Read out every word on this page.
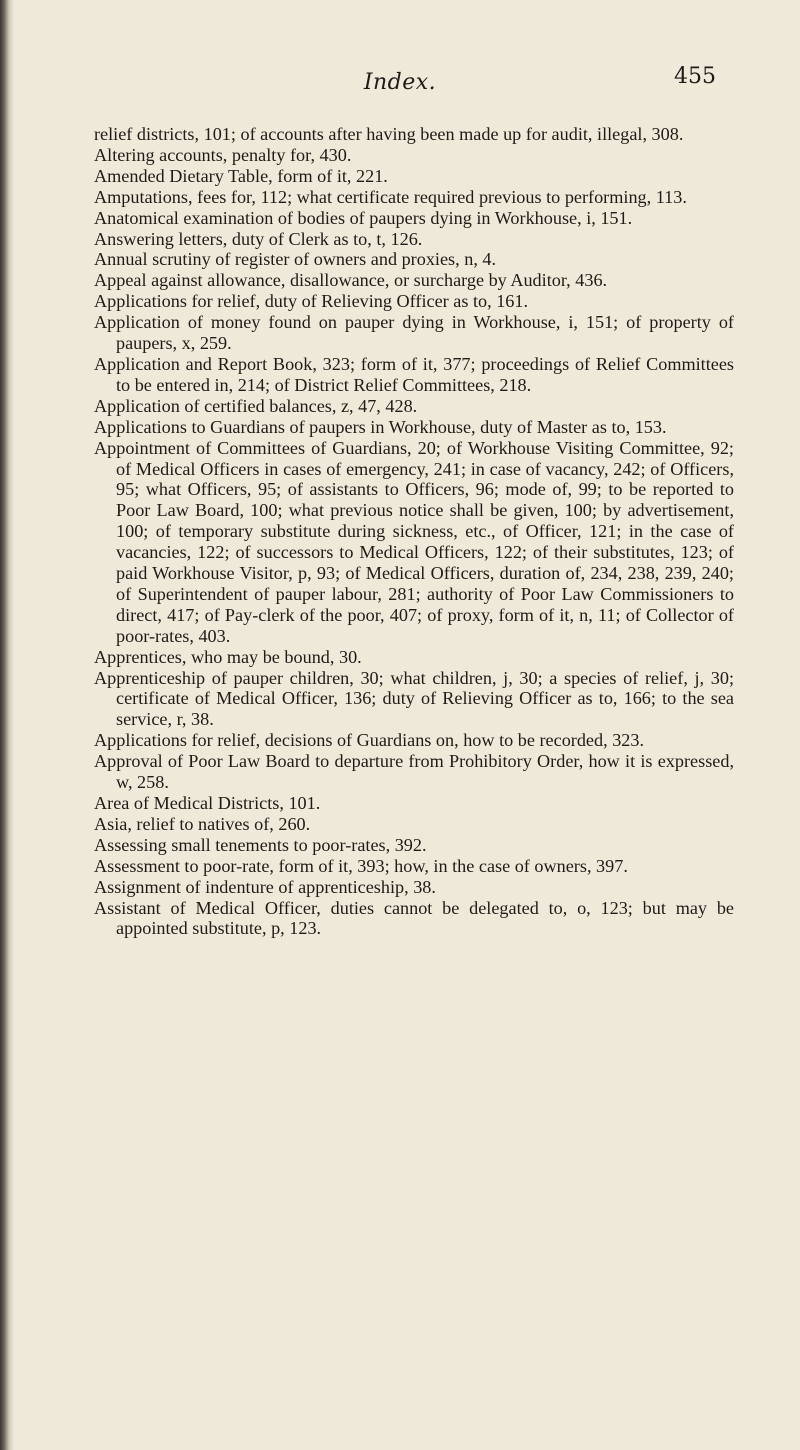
Index.	455

relief districts, 101; of accounts after having been made up for audit, illegal, 308.

Altering accounts, penalty for, 430.

Amended Dietary Table, form of it, 221.

Amputations, fees for, 112; what certificate required previous to performing, 113.

Anatomical examination of bodies of paupers dying in Workhouse, i, 151.

Answering letters, duty of Clerk as to, t, 126.

Annual scrutiny of register of owners and proxies, n, 4.

Appeal against allowance, disallowance, or surcharge by Auditor, 436.

Applications for relief, duty of Relieving Officer as to, 161.

Application of money found on pauper dying in Workhouse, i, 151; of property of paupers, x, 259.

Application and Report Book, 323; form of it, 377; proceedings of Relief Committees to be entered in, 214; of District Relief Committees, 218.

Application of certified balances, z, 47, 428.

Applications to Guardians of paupers in Workhouse, duty of Master as to, 153.

Appointment of Committees of Guardians, 20; of Workhouse Visiting Committee, 92; of Medical Officers in cases of emergency, 241; in case of vacancy, 242; of Officers, 95; what Officers, 95; of assistants to Officers, 96; mode of, 99; to be reported to Poor Law Board, 100; what previous notice shall be given, 100; by advertisement, 100; of temporary substitute during sickness, etc., of Officer, 121; in the case of vacancies, 122; of successors to Medical Officers, 122; of their substitutes, 123; of paid Workhouse Visitor, p, 93; of Medical Officers, duration of, 234, 238, 239, 240; of Superintendent of pauper labour, 281; authority of Poor Law Commissioners to direct, 417; of Pay-clerk of the poor, 407; of proxy, form of it, n, 11; of Collector of poor-rates, 403.

Apprentices, who may be bound, 30.

Apprenticeship of pauper children, 30; what children, j, 30; a species of relief, j, 30; certificate of Medical Officer, 136; duty of Relieving Officer as to, 166; to the sea service, r, 38.

Applications for relief, decisions of Guardians on, how to be recorded, 323.

Approval of Poor Law Board to departure from Prohibitory Order, how it is expressed, w, 258.

Area of Medical Districts, 101.

Asia, relief to natives of, 260.

Assessing small tenements to poor-rates, 392.

Assessment to poor-rate, form of it, 393; how, in the case of owners, 397.

Assignment of indenture of apprenticeship, 38.

Assistant of Medical Officer, duties cannot be delegated to, o, 123; but may be appointed substitute, p, 123.
